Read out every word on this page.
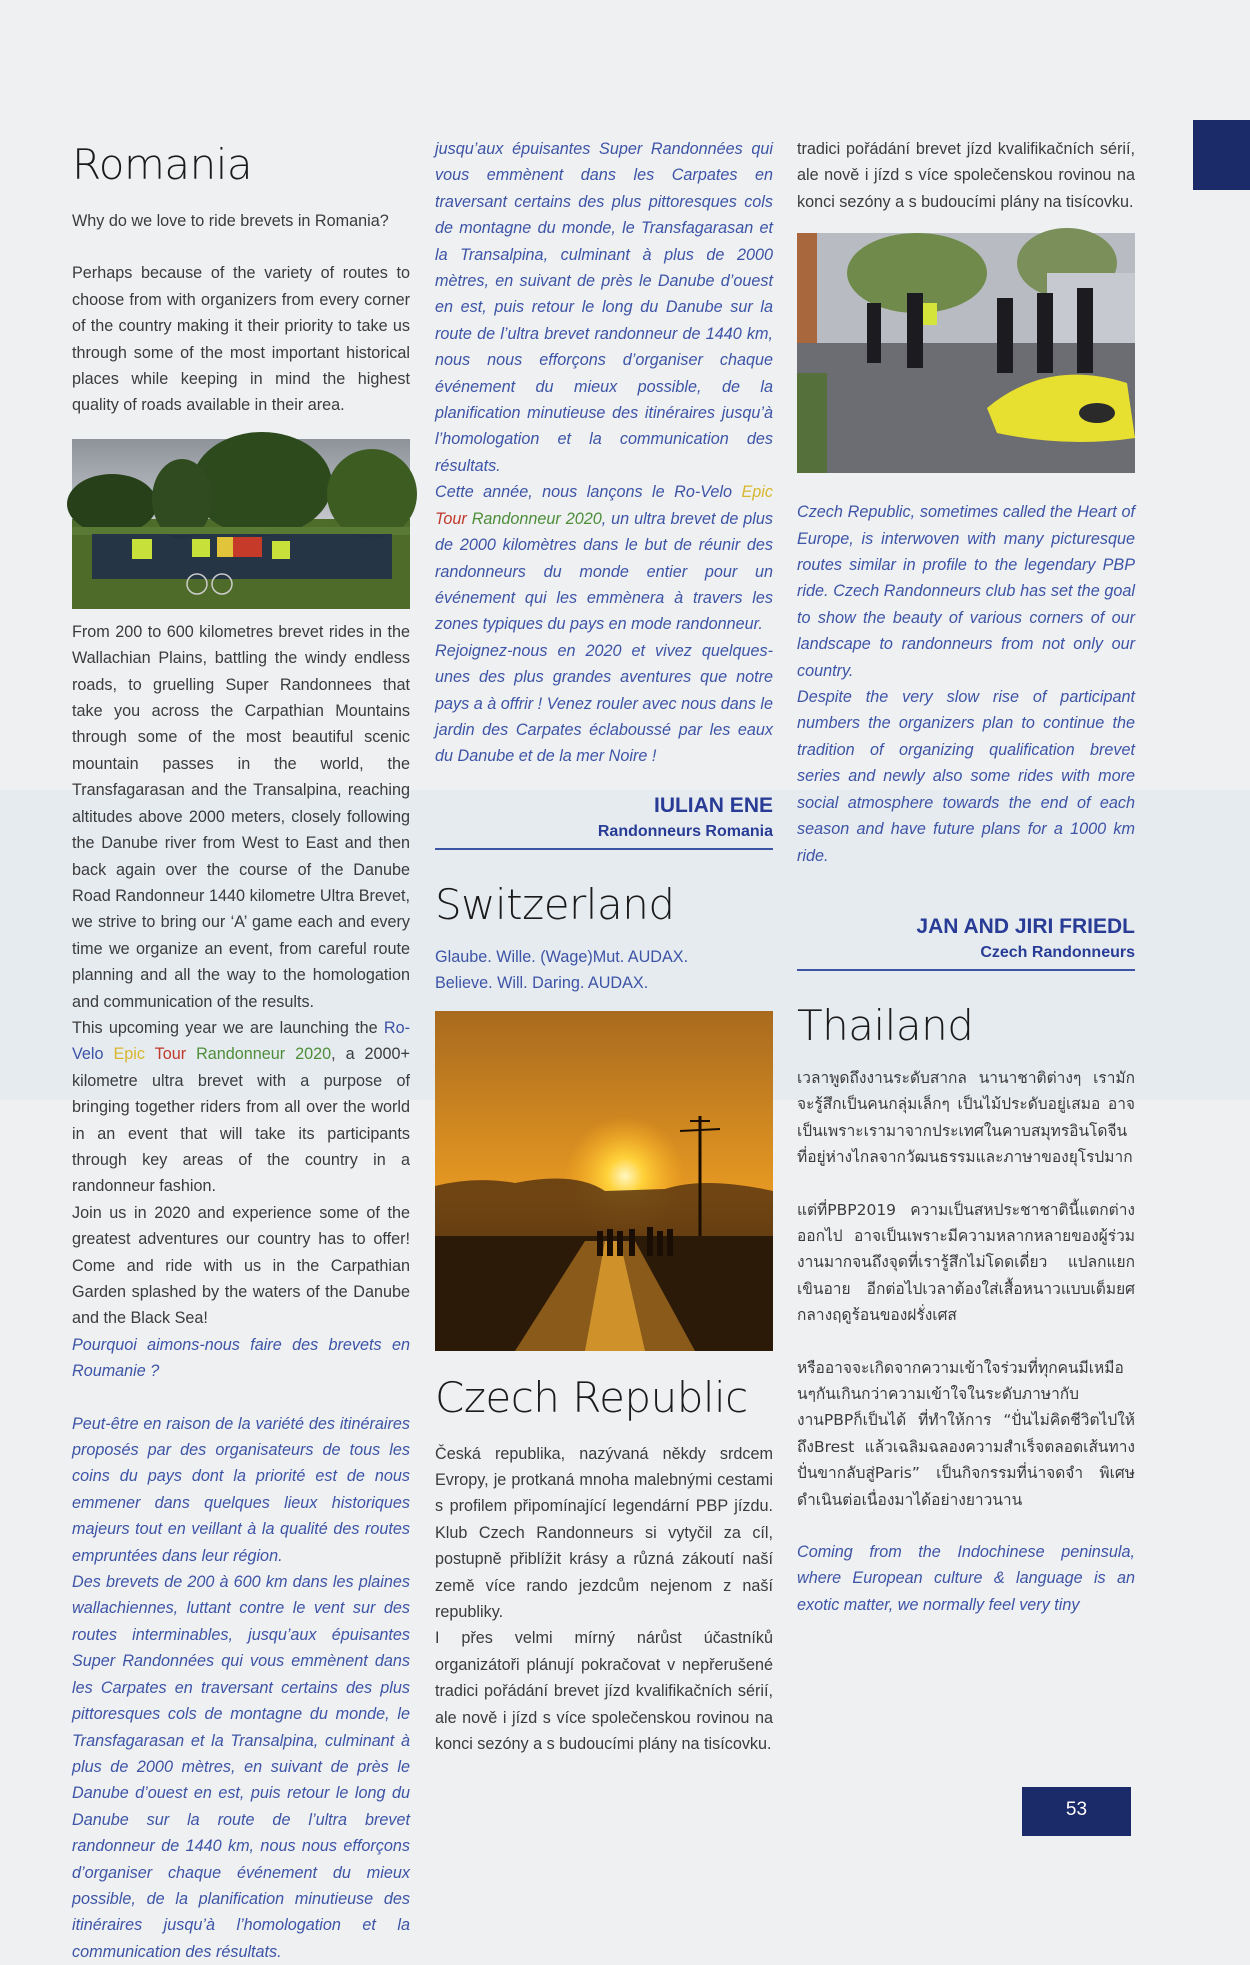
Romania

Why do we love to ride brevets in Romania?

Perhaps because of the variety of routes to choose from with organizers from every corner of the country making it their priority to take us through some of the most important historical places while keeping in mind the highest quality of roads available in their area.

From 200 to 600 kilometres brevet rides in the Wallachian Plains, battling the windy endless roads, to gruelling Super Randonnees that take you across the Carpathian Mountains through some of the most beautiful scenic mountain passes in the world, the Transfagarasan and the Transalpina, reaching altitudes above 2000 meters, closely following the Danube river from West to East and then back again over the course of the Danube Road Randonneur 1440 kilometre Ultra Brevet, we strive to bring our ‘A’ game each and every time we organize an event, from careful route planning and all the way to the homologation and communication of the results.

This upcoming year we are launching the Ro-Velo Epic Tour Randonneur 2020, a 2000+ kilometre ultra brevet with a purpose of bringing together riders from all over the world in an event that will take its participants through key areas of the country in a randonneur fashion.

Join us in 2020 and experience some of the greatest adventures our country has to offer! Come and ride with us in the Carpathian Garden splashed by the waters of the Danube and the Black Sea!

Pourquoi aimons-nous faire des brevets en Roumanie ?

Peut-être en raison de la variété des itinéraires proposés par des organisateurs de tous les coins du pays dont la priorité est de nous emmener dans quelques lieux historiques majeurs tout en veillant à la qualité des routes empruntées dans leur région.

Des brevets de 200 à 600 km dans les plaines wallachiennes, luttant contre le vent sur des routes interminables, jusqu’aux épuisantes Super Randonnées qui vous emmènent dans les Carpates en traversant certains des plus pittoresques cols de montagne du monde, le Transfagarasan et la Transalpina, culminant à plus de 2000 mètres, en suivant de près le Danube d’ouest en est, puis retour le long du Danube sur la route de l’ultra brevet randonneur de 1440 km, nous nous efforçons d’organiser chaque événement du mieux possible, de la planification minutieuse des itinéraires jusqu’à l’homologation et la communication des résultats.

jusqu’aux épuisantes Super Randonnées qui vous emmènent dans les Carpates en traversant certains des plus pittoresques cols de montagne du monde, le Transfagarasan et la Transalpina, culminant à plus de 2000 mètres, en suivant de près le Danube d’ouest en est, puis retour le long du Danube sur la route de l’ultra brevet randonneur de 1440 km, nous nous efforçons d’organiser chaque événement du mieux possible, de la planification minutieuse des itinéraires jusqu’à l’homologation et la communication des résultats.

Cette année, nous lançons le Ro-Velo Epic Tour Randonneur 2020, un ultra brevet de plus de 2000 kilomètres dans le but de réunir des randonneurs du monde entier pour un événement qui les emmènera à travers les zones typiques du pays en mode randonneur.

Rejoignez-nous en 2020 et vivez quelques-unes des plus grandes aventures que notre pays a à offrir ! Venez rouler avec nous dans le jardin des Carpates éclaboussé par les eaux du Danube et de la mer Noire !

IULIAN ENE
Randonneurs Romania
Switzerland

Glaube. Wille. (Wage)Mut. AUDAX.

Believe. Will. Daring. AUDAX.

Czech Republic

Česká republika, nazývaná někdy srdcem Evropy, je protkaná mnoha malebnými cestami s profilem připomínající legendární PBP jízdu. Klub Czech Randonneurs si vytyčil za cíl, postupně přiblížit krásy a různá zákoutí naší země více rando jezdcům nejenom z naší republiky.

I přes velmi mírný nárůst účastníků organizátoři plánují pokračovat v nepřerušené tradici pořádání brevet jízd kvalifikačních sérií, ale nově i jízd s více společenskou rovinou na konci sezóny a s budoucími plány na tisícovku.

tradici pořádání brevet jízd kvalifikačních sérií, ale nově i jízd s více společenskou rovinou na konci sezóny a s budoucími plány na tisícovku.

Czech Republic, sometimes called the Heart of Europe, is interwoven with many picturesque routes similar in profile to the legendary PBP ride. Czech Randonneurs club has set the goal to show the beauty of various corners of our landscape to randonneurs from not only our country.

Despite the very slow rise of participant numbers the organizers plan to continue the tradition of organizing qualification brevet series and newly also some rides with more social atmosphere towards the end of each season and have future plans for a 1000 km ride.

JAN AND JIRI FRIEDL
Czech Randonneurs
Thailand

เวลาพูดถึงงานระดับสากล นานาชาติต่างๆ เรามักจะรู้สึกเป็นคนกลุ่มเล็กๆ เป็นไม้ประดับอยู่เสมอ อาจเป็นเพราะเรามาจากประเทศในคาบสมุทรอินโดจีน ที่อยู่ห่างไกลจากวัฒนธรรมและภาษาของยุโรปมาก

แต่ที่PBP2019 ความเป็นสหประชาชาตินี้แตกต่างออกไป อาจเป็นเพราะมีความหลากหลายของผู้ร่วมงานมากจนถึงจุดที่เรารู้สึกไม่โดดเดี่ยว แปลกแยก เขินอาย อีกต่อไปเวลาต้องใส่เสื้อหนาวแบบเต็มยศ กลางฤดูร้อนของฝรั่งเศส

หรืออาจจะเกิดจากความเข้าใจร่วมที่ทุกคนมีเหมือนๆกันเกินกว่าความเข้าใจในระดับภาษากับงานPBPก็เป็นได้ ที่ทำให้การ “ปั่นไม่คิดชีวิตไปให้ถึงBrest แล้วเฉลิมฉลองความสำเร็จตลอดเส้นทางปั่นขากลับสู่Paris” เป็นกิจกรรมที่น่าจดจำ พิเศษ ดำเนินต่อเนื่องมาได้อย่างยาวนาน

Coming from the Indochinese peninsula, where European culture & language is an exotic matter, we normally feel very tiny

53
